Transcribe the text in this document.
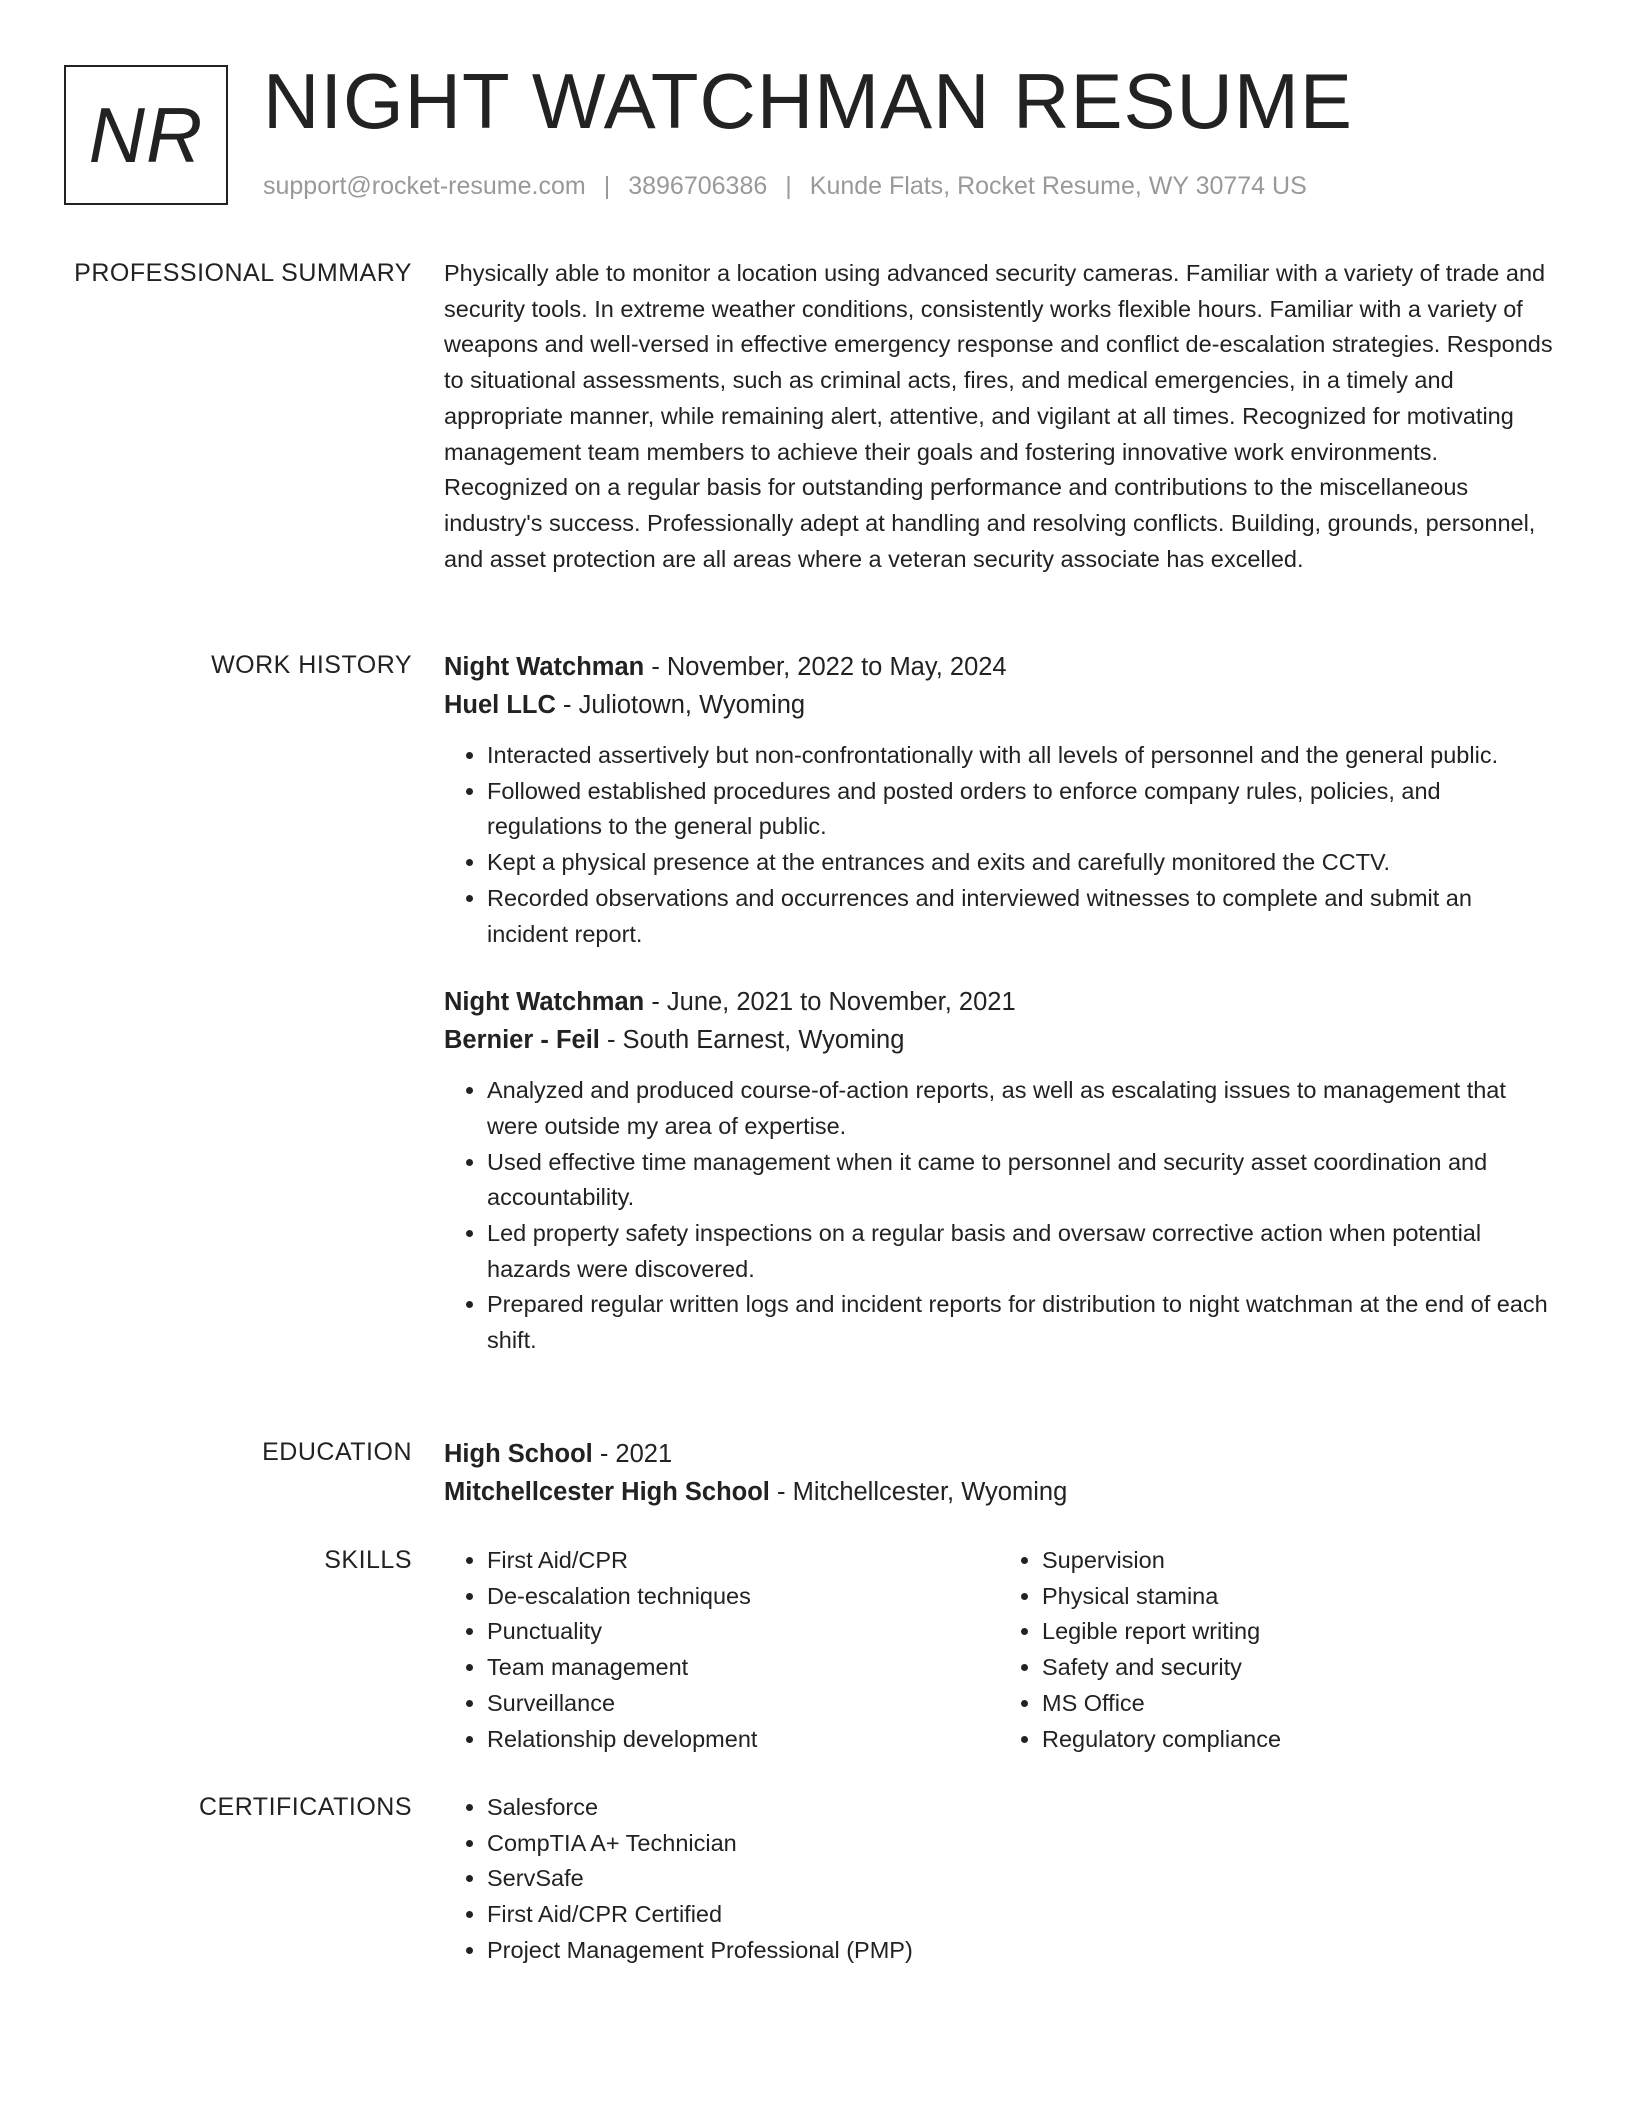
NR NIGHT WATCHMAN RESUME
support@rocket-resume.com | 3896706386 | Kunde Flats, Rocket Resume, WY 30774 US
PROFESSIONAL SUMMARY Physically able to monitor a location using advanced security cameras. Familiar with a variety of trade and security tools. In extreme weather conditions, consistently works flexible hours. Familiar with a variety of weapons and well-versed in effective emergency response and conflict de-escalation strategies. Responds to situational assessments, such as criminal acts, fires, and medical emergencies, in a timely and appropriate manner, while remaining alert, attentive, and vigilant at all times. Recognized for motivating management team members to achieve their goals and fostering innovative work environments. Recognized on a regular basis for outstanding performance and contributions to the miscellaneous industry's success. Professionally adept at handling and resolving conflicts. Building, grounds, personnel, and asset protection are all areas where a veteran security associate has excelled.

WORK HISTORY Night Watchman - November, 2022 to May, 2024
Huel LLC - Juliotown, Wyoming
• Interacted assertively but non-confrontationally with all levels of personnel and the general public.
• Followed established procedures and posted orders to enforce company rules, policies, and regulations to the general public.
• Kept a physical presence at the entrances and exits and carefully monitored the CCTV.
• Recorded observations and occurrences and interviewed witnesses to complete and submit an incident report.
Night Watchman - June, 2021 to November, 2021
Bernier - Feil - South Earnest, Wyoming
• Analyzed and produced course-of-action reports, as well as escalating issues to management that were outside my area of expertise.
• Used effective time management when it came to personnel and security asset coordination and accountability.
• Led property safety inspections on a regular basis and oversaw corrective action when potential hazards were discovered.
• Prepared regular written logs and incident reports for distribution to night watchman at the end of each shift.
EDUCATION High School - 2021
Mitchellcester High School - Mitchellcester, Wyoming
SKILLS	• First Aid/CPR
• De-escalation techniques
• Punctuality
• Team management
• Surveillance
• Relationship development
• Supervision
• Physical stamina
• Legible report writing
• Safety and security
• MS Office
• Regulatory compliance
CERTIFICATIONS	• Salesforce
• CompTIA A+ Technician
• ServSafe
• First Aid/CPR Certified
• Project Management Professional (PMP)
